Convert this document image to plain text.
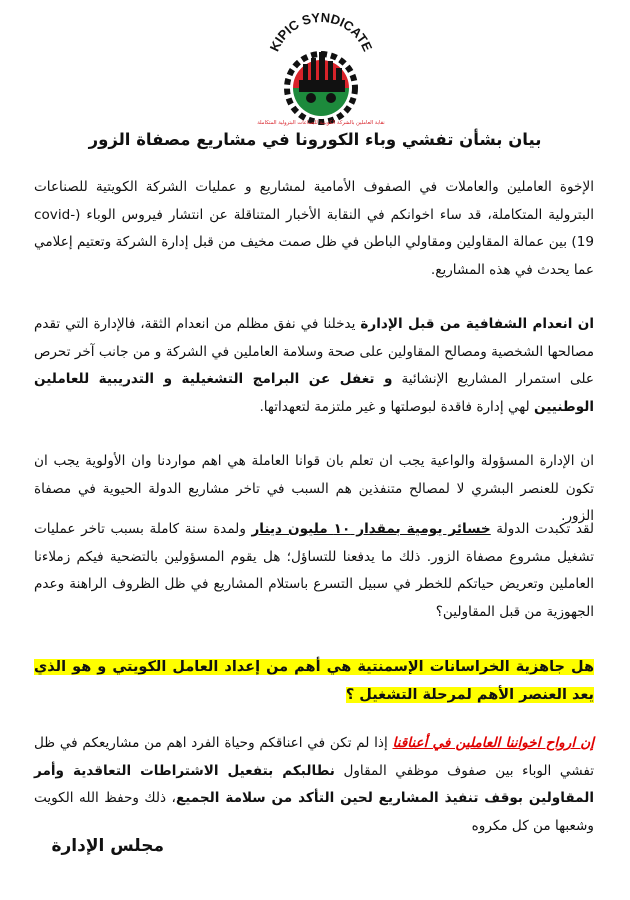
KIPIC SYNDICATE
نقابة العاملين بالشركة الكويتية للصناعات البترولية المتكاملة
بيان بشأن تفشي وباء الكورونا في مشاريع مصفاة الزور

الإخوة العاملين والعاملات في الصفوف الأمامية لمشاريع و عمليات الشركة الكويتية للصناعات البترولية المتكاملة، قد ساء اخوانكم في النقابة الأخبار المتناقلة عن انتشار فيروس الوباء (covid-19) بين عمالة المقاولين ومقاولي الباطن في ظل صمت مخيف من قبل إدارة الشركة وتعتيم إعلامي عما يحدث في هذه المشاريع.

ان انعدام الشفافية من قبل الإدارة يدخلنا في نفق مظلم من انعدام الثقة، فالإدارة التي تقدم مصالحها الشخصية ومصالح المقاولين على صحة وسلامة العاملين في الشركة و من جانب آخر تحرص على استمرار المشاريع الإنشائية و تغفل عن البرامج التشغيلية و التدريبية للعاملين الوطنيين لهي إدارة فاقدة لبوصلتها و غير ملتزمة لتعهداتها.

ان الإدارة المسؤولة والواعية يجب ان تعلم بان قوانا العاملة هي اهم مواردنا وان الأولوية يجب ان تكون للعنصر البشري لا لمصالح متنفذين هم السبب في تاخر مشاريع الدولة الحيوية في مصفاة الزور.

لقد تكبدت الدولة خسائر يومية بمقدار ١٠ مليون دينار ولمدة سنة كاملة بسبب تاخر عمليات تشغيل مشروع مصفاة الزور. ذلك ما يدفعنا للتساؤل؛ هل يقوم المسؤولين بالتضحية فيكم زملاءنا العاملين وتعريض حياتكم للخطر في سبيل التسرع باستلام المشاريع في ظل الظروف الراهنة وعدم الجهوزية من قبل المقاولين؟

هل جاهزية الخراسانات الإسمنتية هي أهم من إعداد العامل الكويتي و هو الذي يعد العنصر الأهم لمرحلة التشغيل ؟

إن ارواح اخواننا العاملين في أعناقنا إذا لم تكن في اعناقكم وحياة الفرد اهم من مشاريعكم في ظل تفشي الوباء بين صفوف موظفي المقاول نطالبكم بتفعيل الاشتراطات التعاقدية وأمر المقاولين بوقف تنفيذ المشاريع لحين التأكد من سلامة الجميع، ذلك وحفظ الله الكويت وشعبها من كل مكروه

مجلس الإدارة
